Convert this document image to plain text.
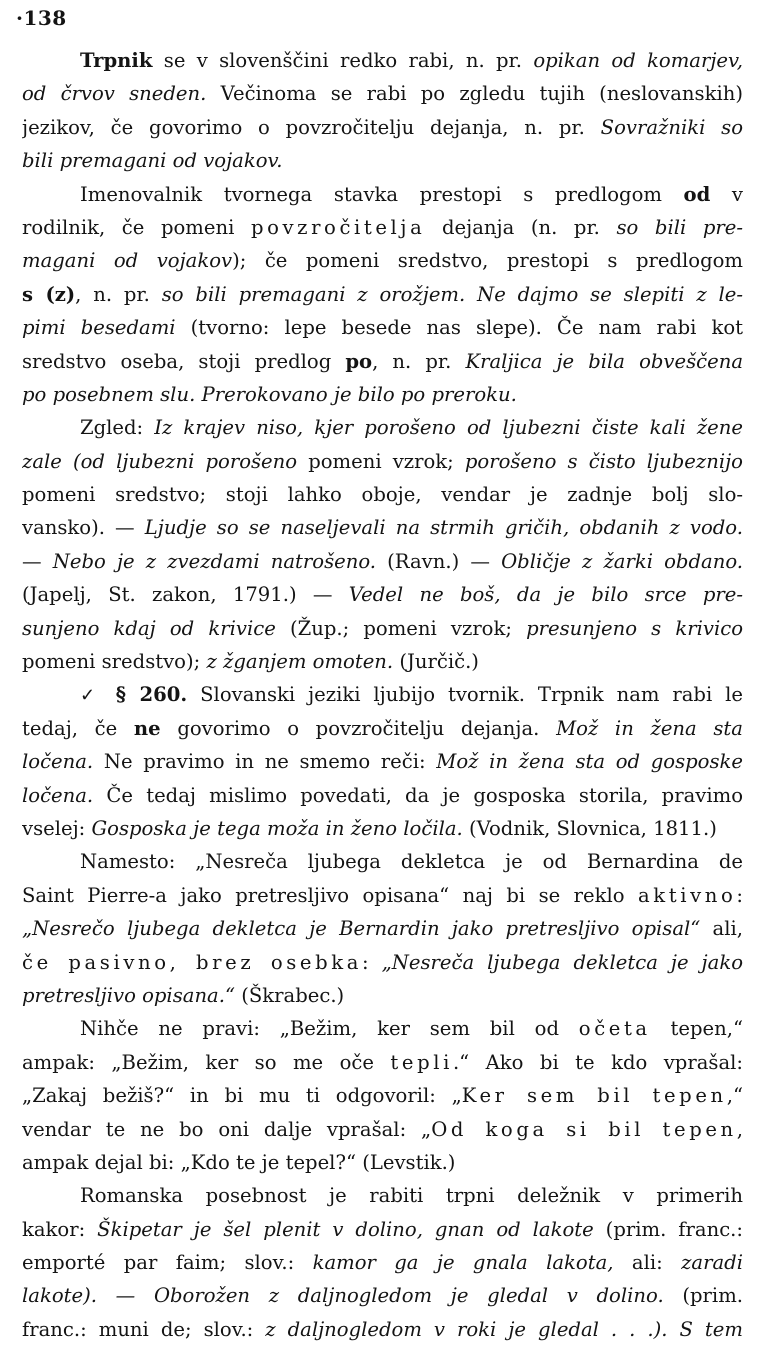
·138
Trpnik se v slovenščini redko rabi, n. pr. opikan od komarjev,
od črvov sneden. Večinoma se rabi po zgledu tujih (neslovanskih)
jezikov, če govorimo o povzročitelju dejanja, n. pr. Sovražniki so
bili premagani od vojakov.
Imenovalnik tvornega stavka prestopi s predlogom od v
rodilnik, če pomeni povzročitelja dejanja (n. pr. so bili pre-
magani od vojakov); če pomeni sredstvo, prestopi s predlogom
s (z), n. pr. so bili premagani z orožjem. Ne dajmo se slepiti z le-
pimi besedami (tvorno: lepe besede nas slepe). Če nam rabi kot
sredstvo oseba, stoji predlog po, n. pr. Kraljica je bila obveščena
po posebnem slu. Prerokovano je bilo po preroku.
Zgled: Iz krajev niso, kjer porošeno od ljubezni čiste kali žene
zale (od ljubezni porošeno pomeni vzrok; porošeno s čisto ljubeznijo
pomeni sredstvo; stoji lahko oboje, vendar je zadnje bolj slo-
vansko). — Ljudje so se naseljevali na strmih gričih, obdanih z vodo.
— Nebo je z zvezdami natrošeno. (Ravn.) — Obličje z žarki obdano.
(Japelj, St. zakon, 1791.) — Vedel ne boš, da je bilo srce pre-
sunjeno kdaj od krivice (Žup.; pomeni vzrok; presunjeno s krivico
pomeni sredstvo); z žganjem omoten. (Jurčič.)
✓ § 260. Slovanski jeziki ljubijo tvornik. Trpnik nam rabi le
tedaj, če ne govorimo o povzročitelju dejanja. Mož in žena sta
ločena. Ne pravimo in ne smemo reči: Mož in žena sta od gosposke
ločena. Če tedaj mislimo povedati, da je gosposka storila, pravimo
vselej: Gosposka je tega moža in ženo ločila. (Vodnik, Slovnica, 1811.)
Namesto: „Nesreča ljubega dekletca je od Bernardina de
Saint Pierre-a jako pretresljivo opisana“ naj bi se reklo aktivno:
„Nesrečo ljubega dekletca je Bernardin jako pretresljivo opisal“ ali,
če pasivno, brez osebka: „Nesreča ljubega dekletca je jako
pretresljivo opisana.“ (Škrabec.)
Nihče ne pravi: „Bežim, ker sem bil od očeta tepen,“
ampak: „Bežim, ker so me oče tepli.“ Ako bi te kdo vprašal:
„Zakaj bežiš?“ in bi mu ti odgovoril: „Ker sem bil tepen,“
vendar te ne bo oni dalje vprašal: „Od koga si bil tepen,
ampak dejal bi: „Kdo te je tepel?“ (Levstik.)
Romanska posebnost je rabiti trpni deležnik v primerih
kakor: Škipetar je šel plenit v dolino, gnan od lakote (prim. franc.:
emporté par faim; slov.: kamor ga je gnala lakota, ali: zaradi
lakote). — Oborožen z daljnogledom je gledal v dolino. (prim.
franc.: muni de; slov.: z daljnogledom v roki je gledal . . .). S tem
